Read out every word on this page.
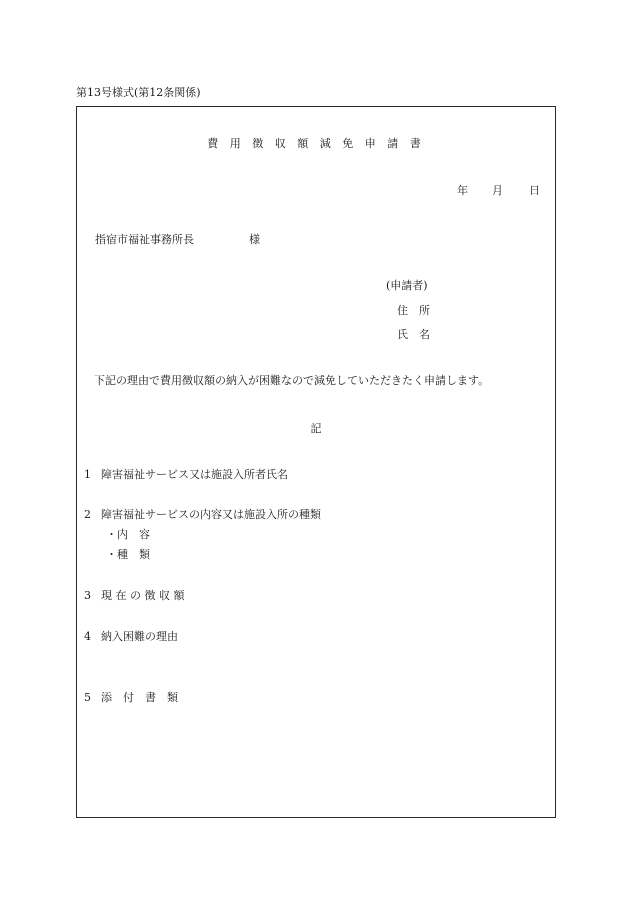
第13号様式(第12条関係)
費 用 徴 収 額 減 免 申 請 書
年 月 日
指宿市福祉事務所長	様
(申請者)
住　所
氏　名
下記の理由で費用徴収額の納入が困難なので減免していただきたく申請します。
記
1 障害福祉サービス又は施設入所者氏名
2 障害福祉サービスの内容又は施設入所の種類
・内　容
・種　類
3 現 在 の 徴 収 額
4 納入困難の理由
5 添　付　書　類
